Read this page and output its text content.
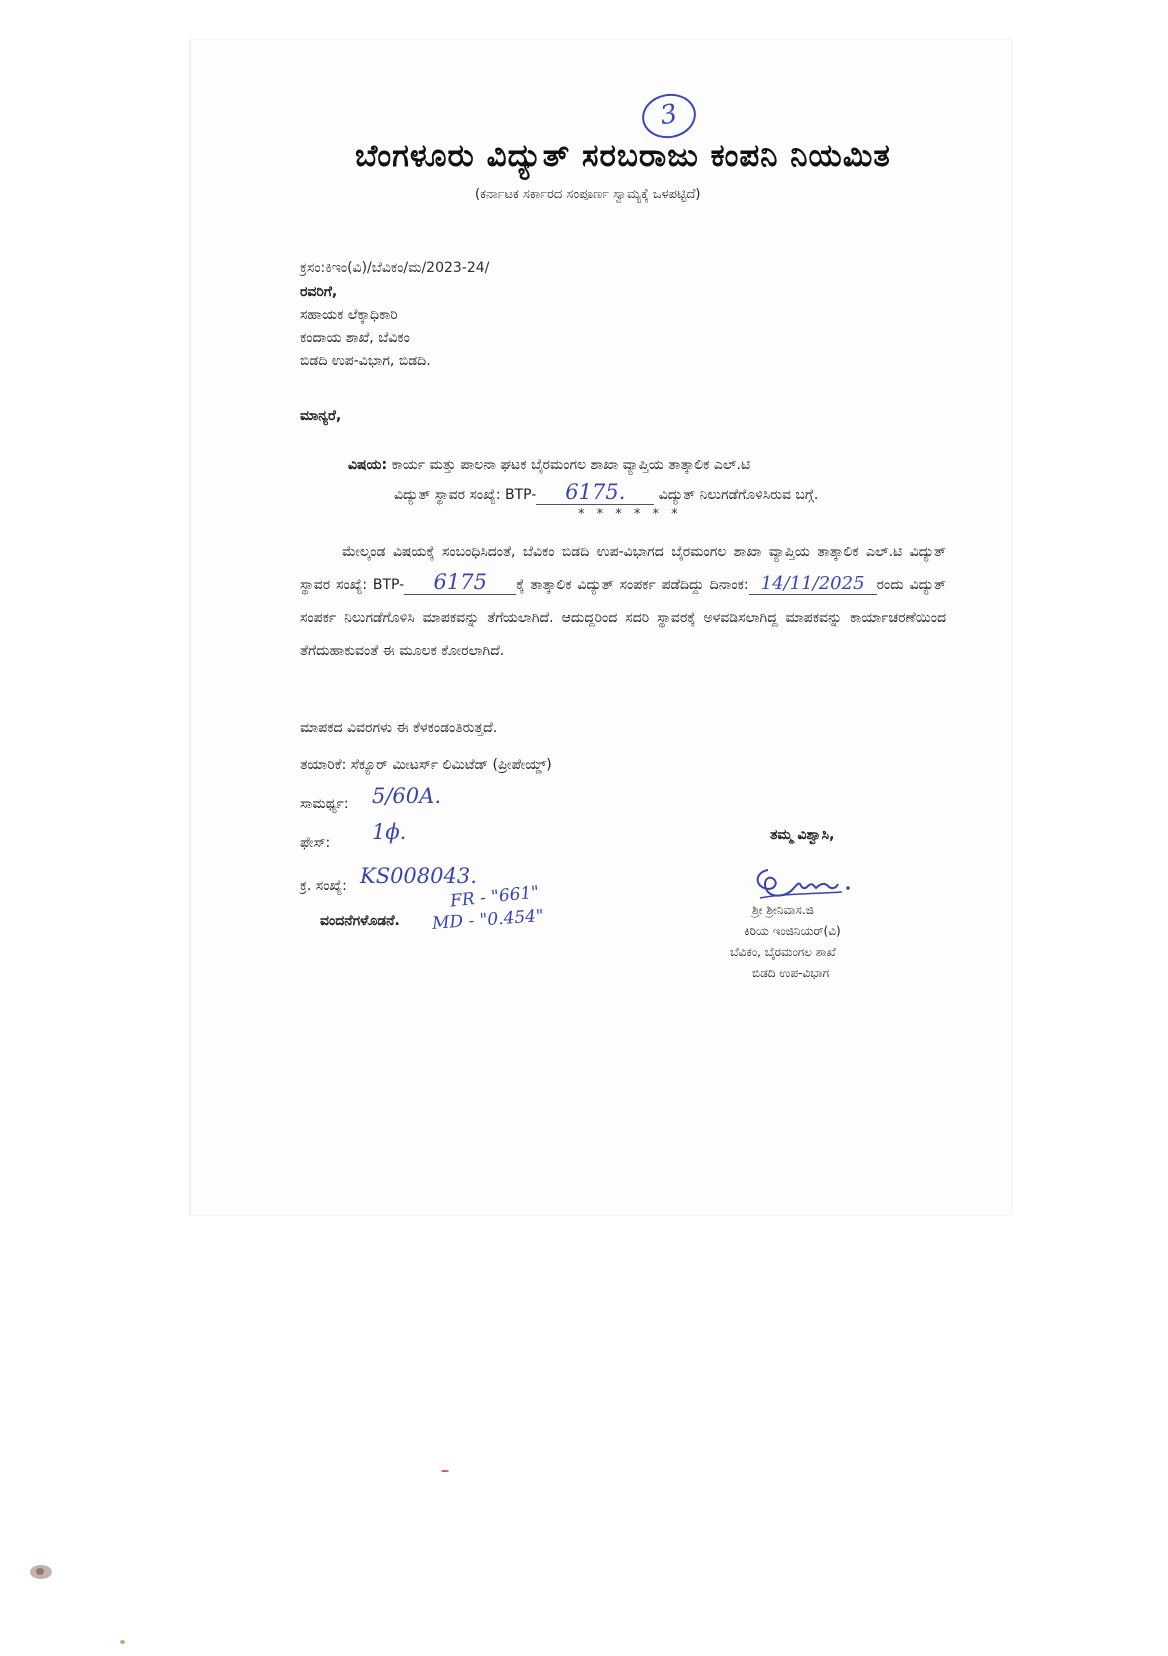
3
ಬೆಂಗಳೂರು ವಿದ್ಯುತ್ ಸರಬರಾಜು ಕಂಪನಿ ನಿಯಮಿತ
(ಕರ್ನಾಟಕ ಸರ್ಕಾರದ ಸಂಪೂರ್ಣ ಸ್ವಾಮ್ಯಕ್ಕೆ ಒಳಪಟ್ಟಿದೆ)
ಕ್ರಸಂ:ಕಿಇಂ(ವಿ)/ಬೆವಿಕಂ/ಮ/2023-24/
ರವರಿಗೆ,
ಸಹಾಯಕ ಲೆಕ್ಕಾಧಿಕಾರಿ
ಕಂದಾಯ ಶಾಖೆ, ಬೆವಿಕಂ
ಬಿಡದಿ ಉಪ-ವಿಭಾಗ, ಬಿಡದಿ.
ಮಾನ್ಯರೆ,
ವಿಷಯ: ಕಾರ್ಯ ಮತ್ತು ಪಾಲನಾ ಘಟಕ ಬೈರಮಂಗಲ ಶಾಖಾ ವ್ಯಾಪ್ತಿಯ ತಾತ್ಕಾಲಿಕ ಎಲ್.ಟಿ
ವಿದ್ಯುತ್ ಸ್ಥಾವರ ಸಂಖ್ಯೆ: BTP- 6175. ವಿದ್ಯುತ್ ನಿಲುಗಡೆಗೊಳಿಸಿರುವ ಬಗ್ಗೆ.
* * * * * *
ಮೇಲ್ಕಂಡ ವಿಷಯಕ್ಕೆ ಸಂಬಂಧಿಸಿದಂತೆ, ಬೆವಿಕಂ ಬಿಡದಿ ಉಪ-ವಿಭಾಗದ ಬೈರಮಂಗಲ ಶಾಖಾ ವ್ಯಾಪ್ತಿಯ ತಾತ್ಕಾಲಿಕ ಎಲ್.ಟಿ ವಿದ್ಯುತ್ ಸ್ಥಾವರ ಸಂಖ್ಯೆ: BTP- 6175 ಕ್ಕೆ ತಾತ್ಕಾಲಿಕ ವಿದ್ಯುತ್ ಸಂಪರ್ಕ ಪಡೆದಿದ್ದು ದಿನಾಂಕ: 14/11/2025 ರಂದು ವಿದ್ಯುತ್ ಸಂಪರ್ಕ ನಿಲುಗಡೆಗೊಳಿಸಿ ಮಾಪಕವನ್ನು ತೆಗೆಯಲಾಗಿದೆ. ಆದುದ್ದರಿಂದ ಸದರಿ ಸ್ಥಾವರಕ್ಕೆ ಅಳವಡಿಸಲಾಗಿದ್ದ ಮಾಪಕವನ್ನು ಕಾರ್ಯಾಚರಣೆಯಿಂದ ತೆಗೆದುಹಾಕುವಂತೆ ಈ ಮೂಲಕ ಕೋರಲಾಗಿದೆ.
ಮಾಪಕದ ವಿವರಗಳು ಈ ಕೆಳಕಂಡಂತಿರುತ್ತದೆ.
ತಯಾರಿಕೆ: ಸೆಕ್ಯೂರ್ ಮೀಟರ್ಸ್ ಲಿಮಿಟೆಡ್ (ಪ್ರೀಪೇಯ್ಡ್)
ಸಾಮರ್ಥ್ಯ: 5/60A.
ಫೇಸ್: 1ϕ.
ಕ್ರ. ಸಂಖ್ಯೆ: KS008043.
FR - "661"
MD - "0.454"
ವಂದನೆಗಳೊಡನೆ.
ತಮ್ಮ ವಿಶ್ವಾಸಿ,
ಶ್ರೀ ಶ್ರೀನಿವಾಸ.ಜಿ
ಕಿರಿಯ ಇಂಜಿನಿಯರ್(ವಿ)
ಬೆವಿಕಂ, ಬೈರಮಂಗಲ ಶಾಖೆ
ಬಿಡದಿ ಉಪ-ವಿಭಾಗ
